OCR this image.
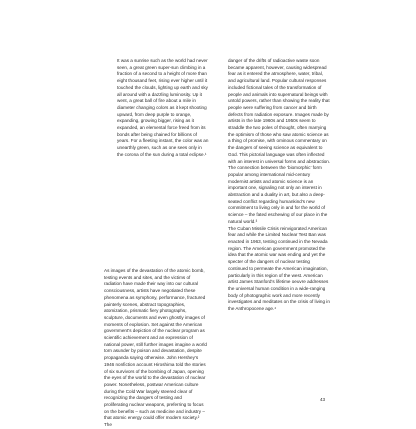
It was a sunrise such as the world had never seen, a great green super-sun climbing in a fraction of a second to a height of more than eight thousand feet, rising ever higher until it touched the clouds, lighting up earth and sky all around with a dazzling luminosity. Up it went, a great ball of fire about a mile in diameter changing colors as it kept shooting upward, from deep purple to orange, expanding, growing bigger, rising as it expanded, an elemental force freed from its bonds after being chained for billions of years. For a fleeting instant, the color was an unearthly green, such as one sees only in the corona of the sun during a total eclipse.¹

As images of the devastation of the atomic bomb, testing events and sites, and the victims of radiation have made their way into our cultural consciousness, artists have negotiated these phenomena as symphony, performance, fractured painterly scenes, abstract topographies, atomization, prismatic fiery photographs, sculpture, documents and even ghostly images of moments of explosion. Set against the American government’s depiction of the nuclear program as scientific achievement and an expression of national power, still further images imagine a world torn asunder by poison and devastation, despite propaganda saying otherwise. John Hershey’s 1946 nonfiction account Hiroshima told the stories of six survivors of the bombing of Japan, opening the eyes of the world to the devastation of nuclear power. Nonetheless, postwar American culture during the Cold War largely steered clear of recognizing the dangers of testing and proliferating nuclear weapons, preferring to focus on the benefits – such as medicine and industry – that atomic energy could offer modern society.² The

danger of the drifts of radioactive waste soon became apparent, however, causing widespread fear as it entered the atmosphere, water, tribal, and agricultural land. Popular cultural responses included fictional tales of the transformation of people and animals into supernatural beings with untold powers, rather than showing the reality that people were suffering from cancer and birth defects from radiation exposure. Images made by artists in the late 1960s and 1950s seem to straddle the two poles of thought, often marrying the optimism of those who saw atomic science as a thing of promise, with ominous commentary on the dangers of seeing science as equivalent to God. This pictorial language was often inflected with an interest in universal forms and abstraction. The connection between the ‘biomorphic’ form popular among international mid-century modernist artists and atomic science is an important one, signaling not only an interest in abstraction and a duality in art, but also a deep-seated conflict regarding humankind’s new commitment to living only in and for the world of science – the fated eschewing of our place in the natural world.³
The Cuban Missile Crisis reinvigorated American fear and while the Limited Nuclear Test Ban was enacted in 1963, testing continued in the Nevada region. The American government promoted the idea that the atomic war was ending and yet the specter of the dangers of nuclear testing continued to permeate the American imagination, particularly in this region of the west. American artist James Stanford’s lifetime oeuvre addresses the universal human condition in a wide-ranging body of photographic work and more recently investigates and meditates on the crisis of living in the Anthropocene age.⁴

43
